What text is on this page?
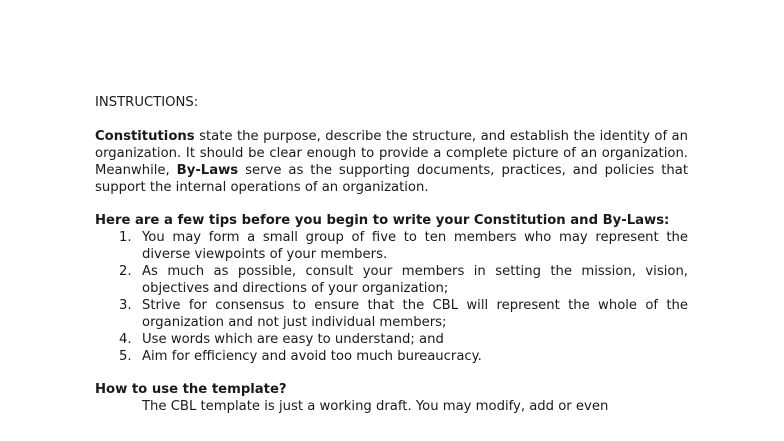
INSTRUCTIONS:

Constitutions state the purpose, describe the structure, and establish the identity of an organization. It should be clear enough to provide a complete picture of an organization. Meanwhile, By-Laws serve as the supporting documents, practices, and policies that support the internal operations of an organization.

Here are a few tips before you begin to write your Constitution and By-Laws:

1. You may form a small group of five to ten members who may represent the diverse viewpoints of your members.
2. As much as possible, consult your members in setting the mission, vision, objectives and directions of your organization;
3. Strive for consensus to ensure that the CBL will represent the whole of the organization and not just individual members;
4. Use words which are easy to understand; and
5. Aim for efficiency and avoid too much bureaucracy.

How to use the template?

The CBL template is just a working draft. You may modify, add or even
